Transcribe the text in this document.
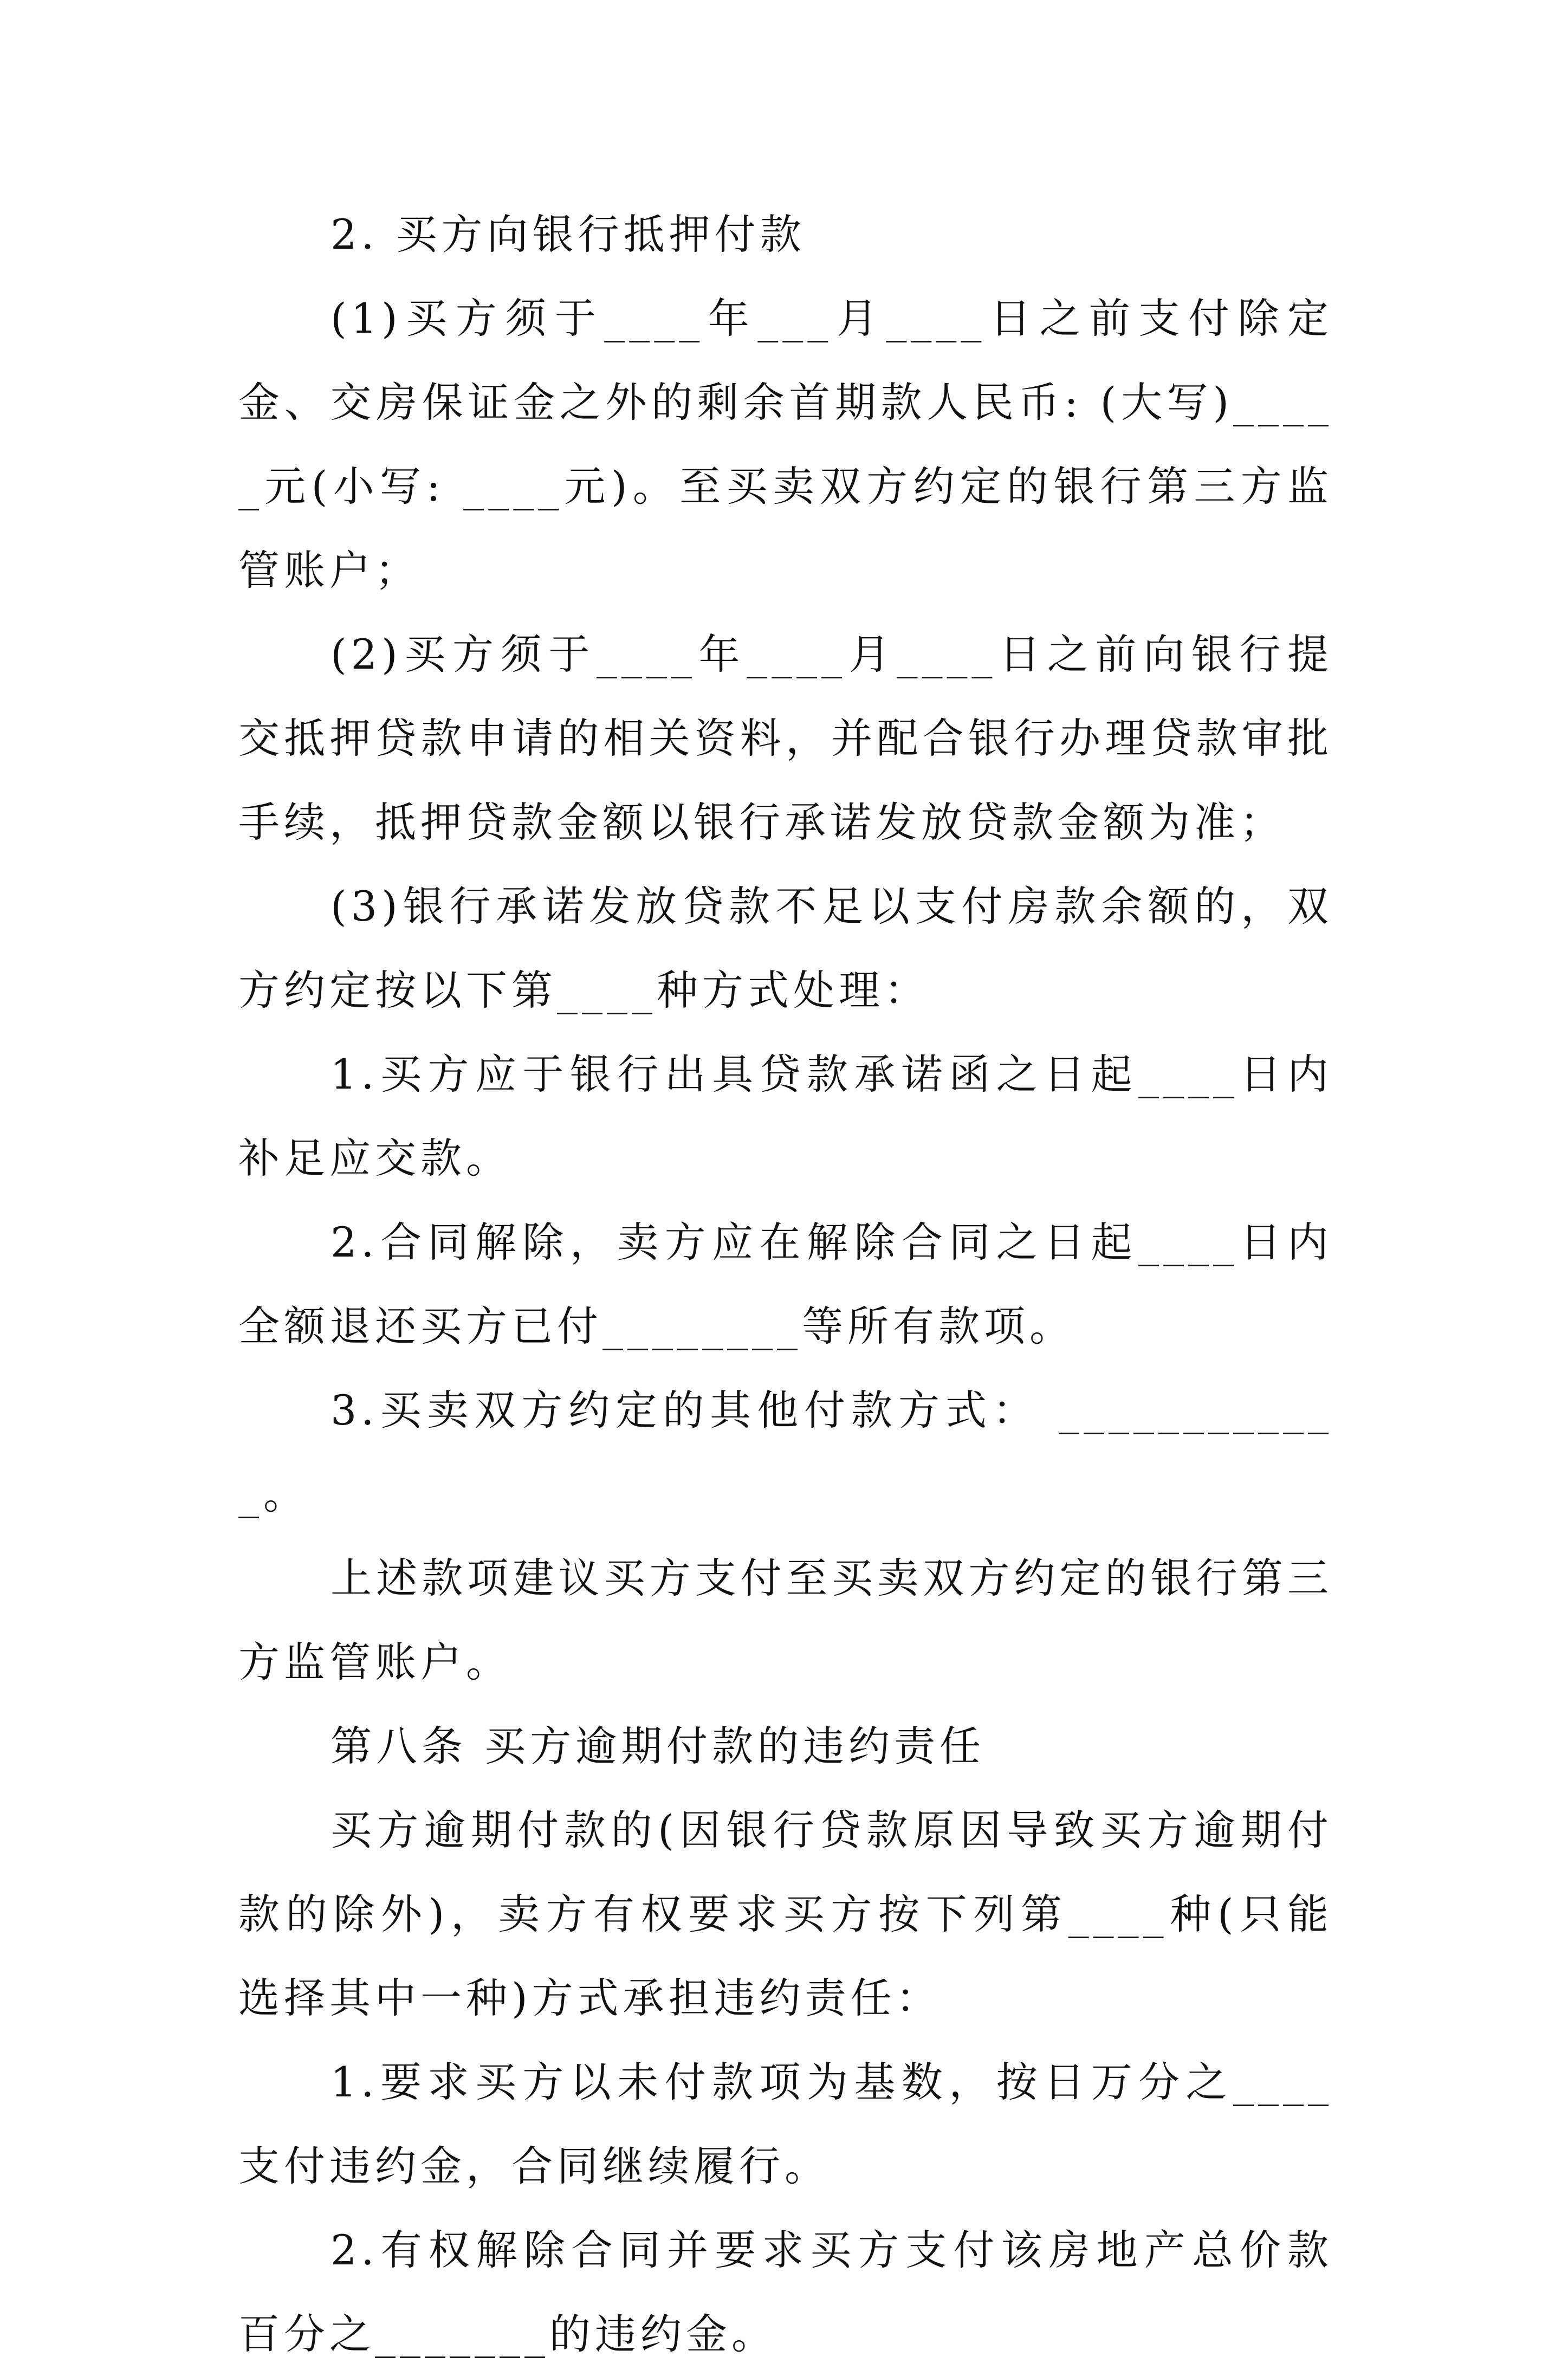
2. 买方向银行抵押付款

(1)买方须于____年___月____日之前支付除定金、交房保证金之外的剩余首期款人民币: (大写)_____元(小写: ____元)。至买卖双方约定的银行第三方监管账户；

(2)买方须于____年____月____日之前向银行提交抵押贷款申请的相关资料，并配合银行办理贷款审批手续，抵押贷款金额以银行承诺发放贷款金额为准；

(3)银行承诺发放贷款不足以支付房款余额的，双方约定按以下第____种方式处理：

1.买方应于银行出具贷款承诺函之日起____日内补足应交款。

2.合同解除，卖方应在解除合同之日起____日内全额退还买方已付________等所有款项。

3.买卖双方约定的其他付款方式： ____________。

上述款项建议买方支付至买卖双方约定的银行第三方监管账户。

第八条 买方逾期付款的违约责任

买方逾期付款的(因银行贷款原因导致买方逾期付款的除外)，卖方有权要求买方按下列第____种(只能选择其中一种)方式承担违约责任：

1.要求买方以未付款项为基数，按日万分之____支付违约金，合同继续履行。

2.有权解除合同并要求买方支付该房地产总价款百分之_______的违约金。
